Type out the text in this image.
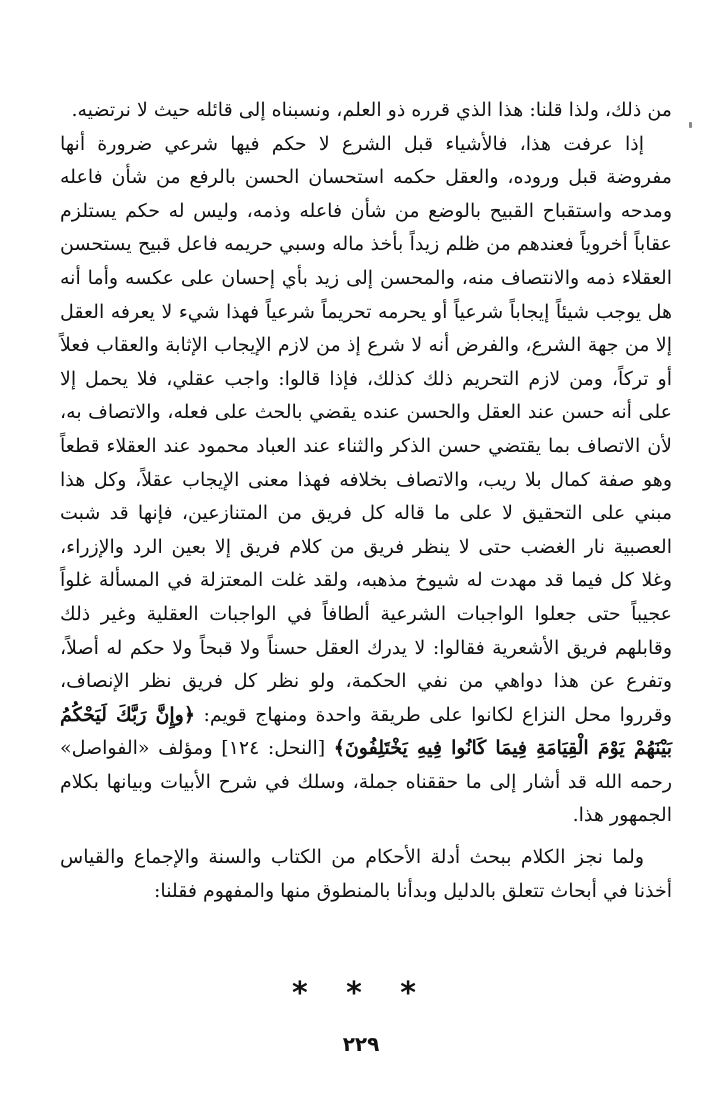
من ذلك، ولذا قلنا: هذا الذي قرره ذو العلم، ونسبناه إلى قائله حيث لا نرتضيه.

إذا عرفت هذا، فالأشياء قبل الشرع لا حكم فيها شرعي ضرورة أنها مفروضة قبل وروده، والعقل حكمه استحسان الحسن بالرفع من شأن فاعله ومدحه واستقباح القبيح بالوضع من شأن فاعله وذمه، وليس له حكم يستلزم عقاباً أخروياً فعندهم من ظلم زيداً بأخذ ماله وسبي حريمه فاعل قبيح يستحسن العقلاء ذمه والانتصاف منه، والمحسن إلى زيد بأي إحسان على عكسه وأما أنه هل يوجب شيئاً إيجاباً شرعياً أو يحرمه تحريماً شرعياً فهذا شيء لا يعرفه العقل إلا من جهة الشرع، والفرض أنه لا شرع إذ من لازم الإيجاب الإثابة والعقاب فعلاً أو تركاً، ومن لازم التحريم ذلك كذلك، فإذا قالوا: واجب عقلي، فلا يحمل إلا على أنه حسن عند العقل والحسن عنده يقضي بالحث على فعله، والاتصاف به، لأن الاتصاف بما يقتضي حسن الذكر والثناء عند العباد محمود عند العقلاء قطعاً وهو صفة كمال بلا ريب، والاتصاف بخلافه فهذا معنى الإيجاب عقلاً، وكل هذا مبني على التحقيق لا على ما قاله كل فريق من المتنازعين، فإنها قد شبت العصبية نار الغضب حتى لا ينظر فريق من كلام فريق إلا بعين الرد والإزراء، وغلا كل فيما قد مهدت له شيوخ مذهبه، ولقد غلت المعتزلة في المسألة غلواً عجيباً حتى جعلوا الواجبات الشرعية ألطافاً في الواجبات العقلية وغير ذلك وقابلهم فريق الأشعرية فقالوا: لا يدرك العقل حسناً ولا قبحاً ولا حكم له أصلاً، وتفرع عن هذا دواهي من نفي الحكمة، ولو نظر كل فريق نظر الإنصاف، وقرروا محل النزاع لكانوا على طريقة واحدة ومنهاج قويم: ﴿وإِنَّ رَبَّكَ لَيَحْكُمُ بَيْنَهُمْ يَوْمَ الْقِيَامَةِ فِيمَا كَانُوا فِيهِ يَخْتَلِفُونَ﴾ [النحل: ١٢٤] ومؤلف «الفواصل» رحمه الله قد أشار إلى ما حققناه جملة، وسلك في شرح الأبيات وبيانها بكلام الجمهور هذا.

ولما نجز الكلام ببحث أدلة الأحكام من الكتاب والسنة والإجماع والقياس أخذنا في أبحاث تتعلق بالدليل وبدأنا بالمنطوق منها والمفهوم فقلنا:

* * *
٢٢٩
